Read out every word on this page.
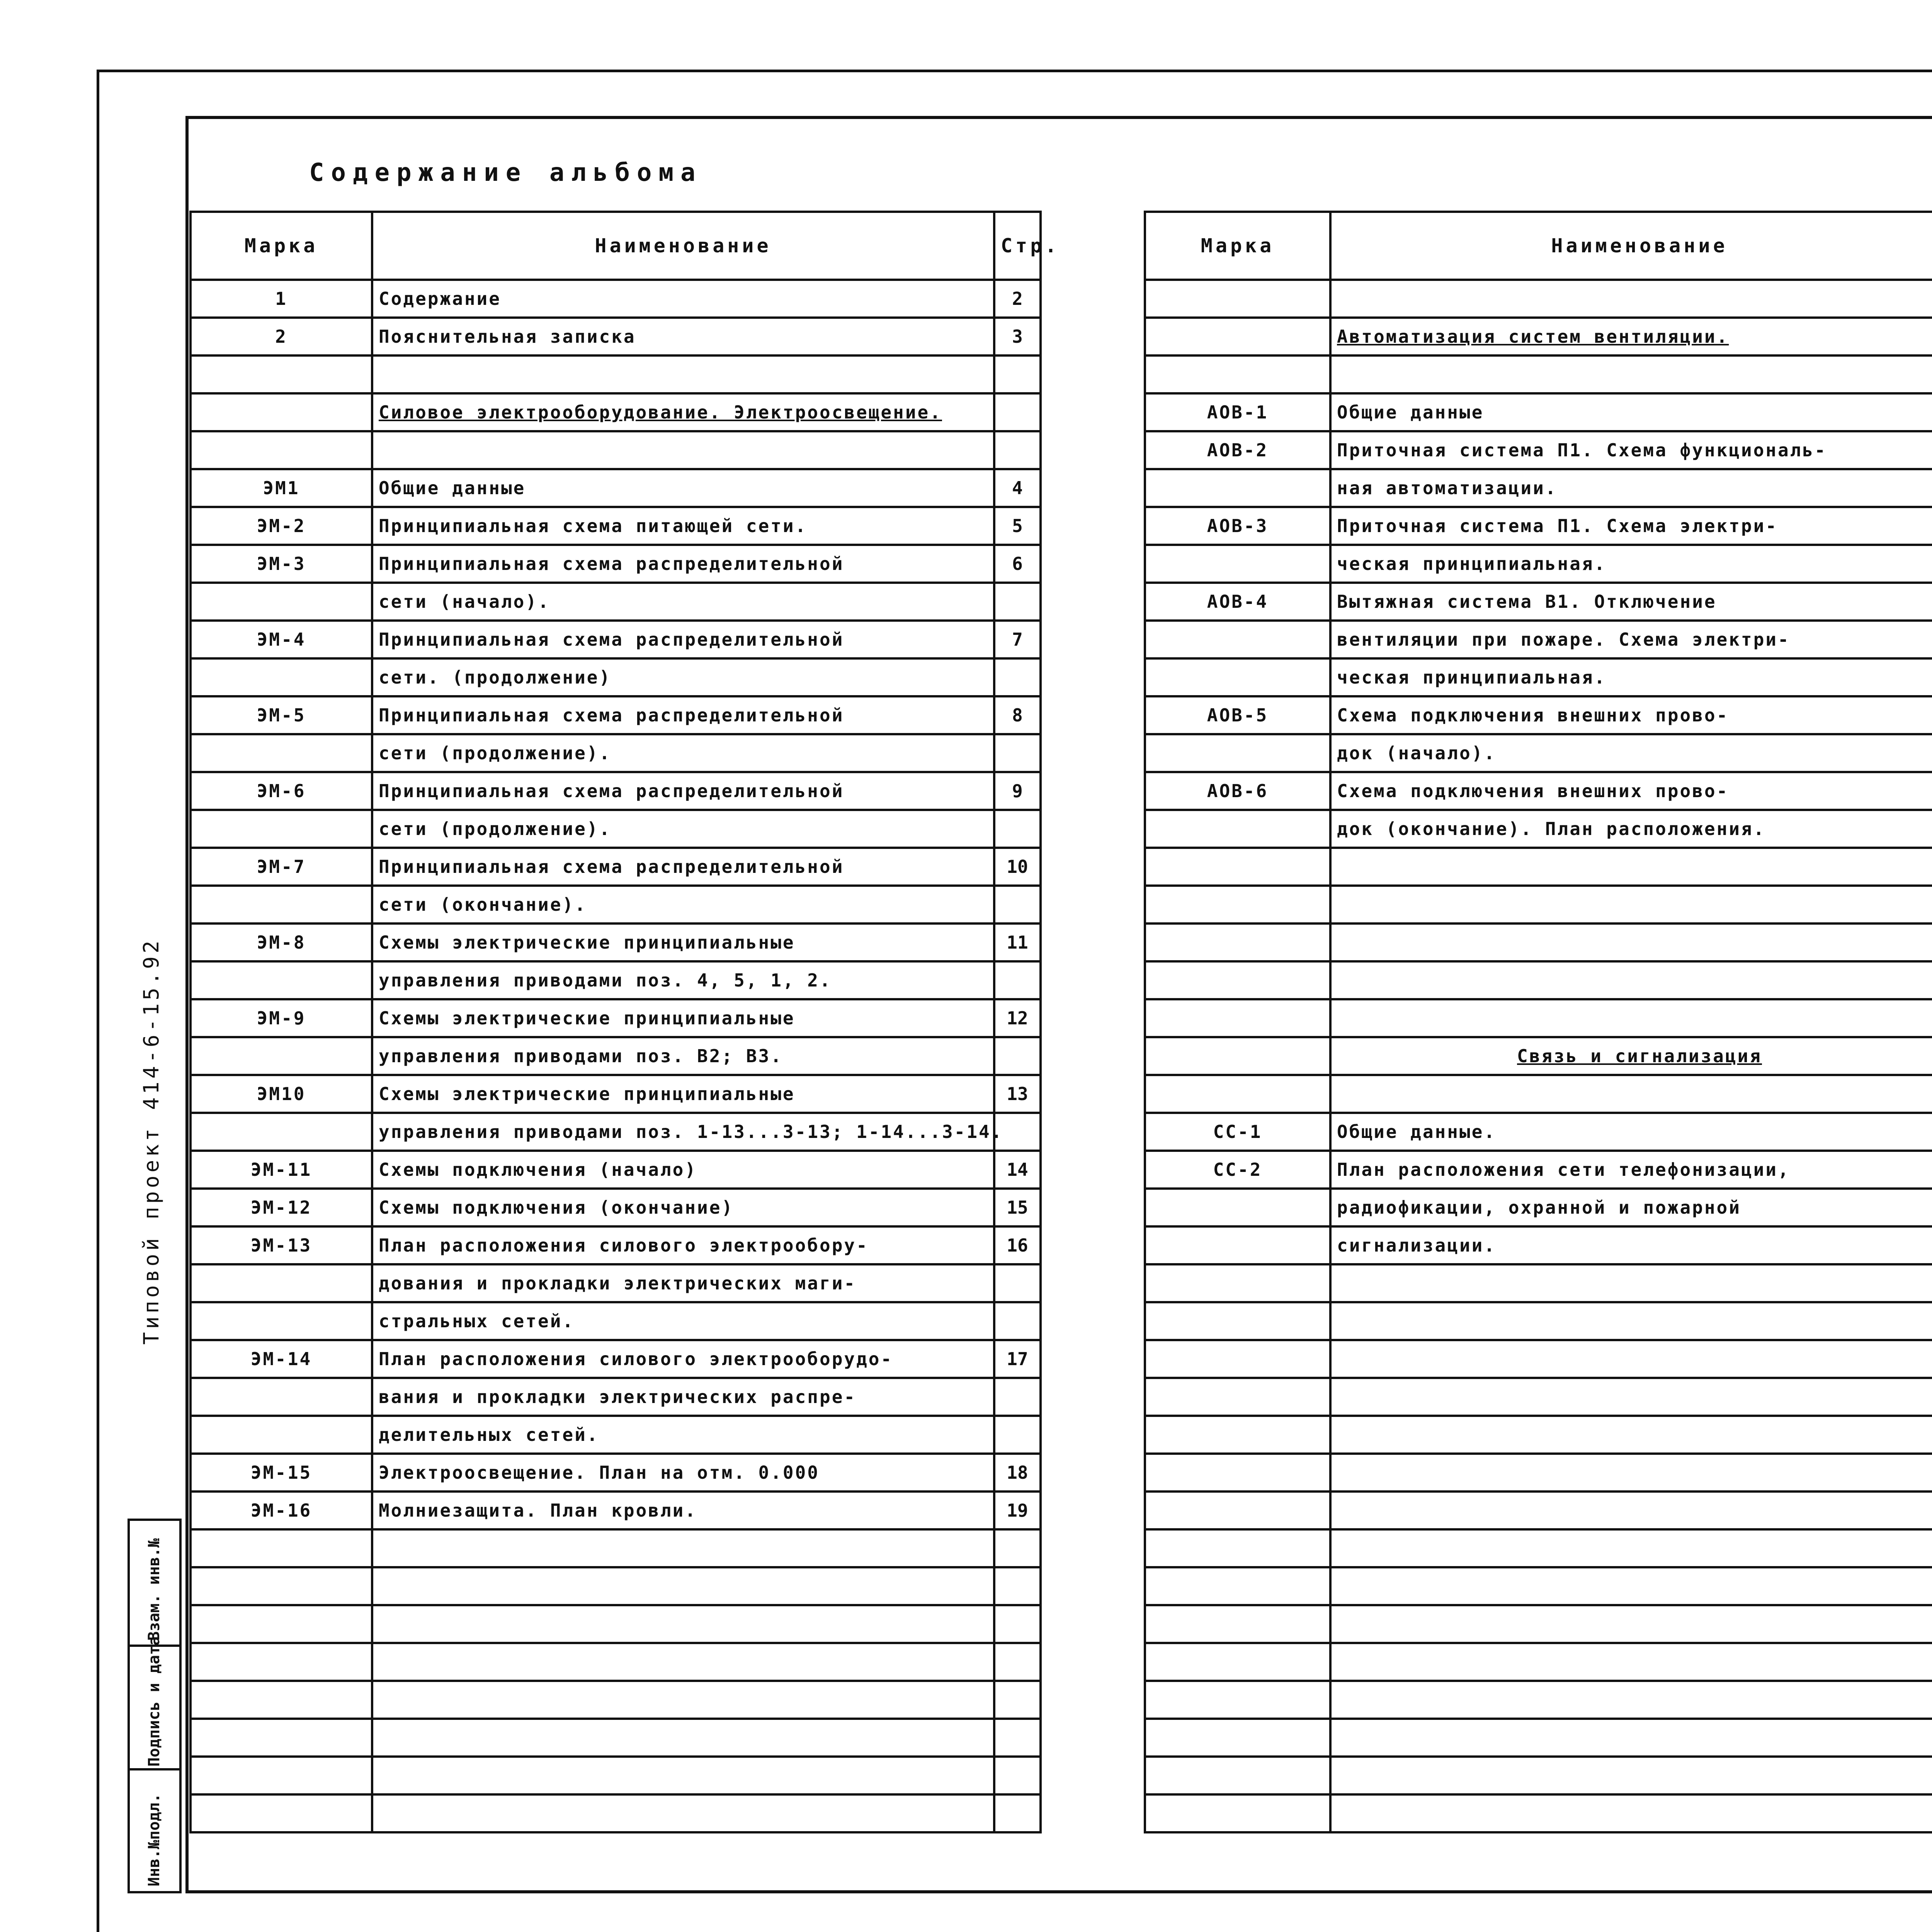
Содержание альбома
Марка	Наименование	Стр.
1	Содержание	2
2	Пояснительная записка	3

	Силовое электрооборудование. Электроосвещение.	

ЭМ1	Общие данные	4
ЭМ-2	Принципиальная схема питающей сети.	5
ЭМ-3	Принципиальная схема распределительной	6
	сети (начало).	
ЭМ-4	Принципиальная схема распределительной	7
	сети. (продолжение)	
ЭМ-5	Принципиальная схема распределительной	8
	сети (продолжение).	
ЭМ-6	Принципиальная схема распределительной	9
	сети (продолжение).	
ЭМ-7	Принципиальная схема распределительной	10
	сети (окончание).	
ЭМ-8	Схемы электрические принципиальные	11
	управления приводами поз. 4, 5, 1, 2.	
ЭМ-9	Схемы электрические принципиальные	12
	управления приводами поз. В2; В3.	
ЭМ10	Схемы электрические принципиальные	13
	управления приводами поз. 1-13...3-13; 1-14...3-14.	
ЭМ-11	Схемы подключения (начало)	14
ЭМ-12	Схемы подключения (окончание)	15
ЭМ-13	План расположения силового электрообору-	16
	дования и прокладки электрических маги-	
	стральных сетей.	
ЭМ-14	План расположения силового электрооборудо-	17
	вания и прокладки электрических распре-	
	делительных сетей.	
ЭМ-15	Электроосвещение. План на отм. 0.000	18
ЭМ-16	Молниезащита. План кровли.	19

Марка	Наименование	

	Автоматизация систем вентиляции.	

АОВ-1	Общие данные	
АОВ-2	Приточная система П1. Схема функциональ-	
	ная автоматизации.	
АОВ-3	Приточная система П1. Схема электри-	
	ческая принципиальная.	
АОВ-4	Вытяжная система В1. Отключение	
	вентиляции при пожаре. Схема электри-	
	ческая принципиальная.	
АОВ-5	Схема подключения внешних прово-	
	док (начало).	
АОВ-6	Схема подключения внешних прово-	
	док (окончание). План расположения.	

	Связь и сигнализация	

СС-1	Общие данные.	
СС-2	План расположения сети телефонизации,	
	радиофикации, охранной и пожарной	
	сигнализации.	

Типовой проект 414-6-15.92
Взам. инв.№
Подпись и дата
Инв.№подл.
